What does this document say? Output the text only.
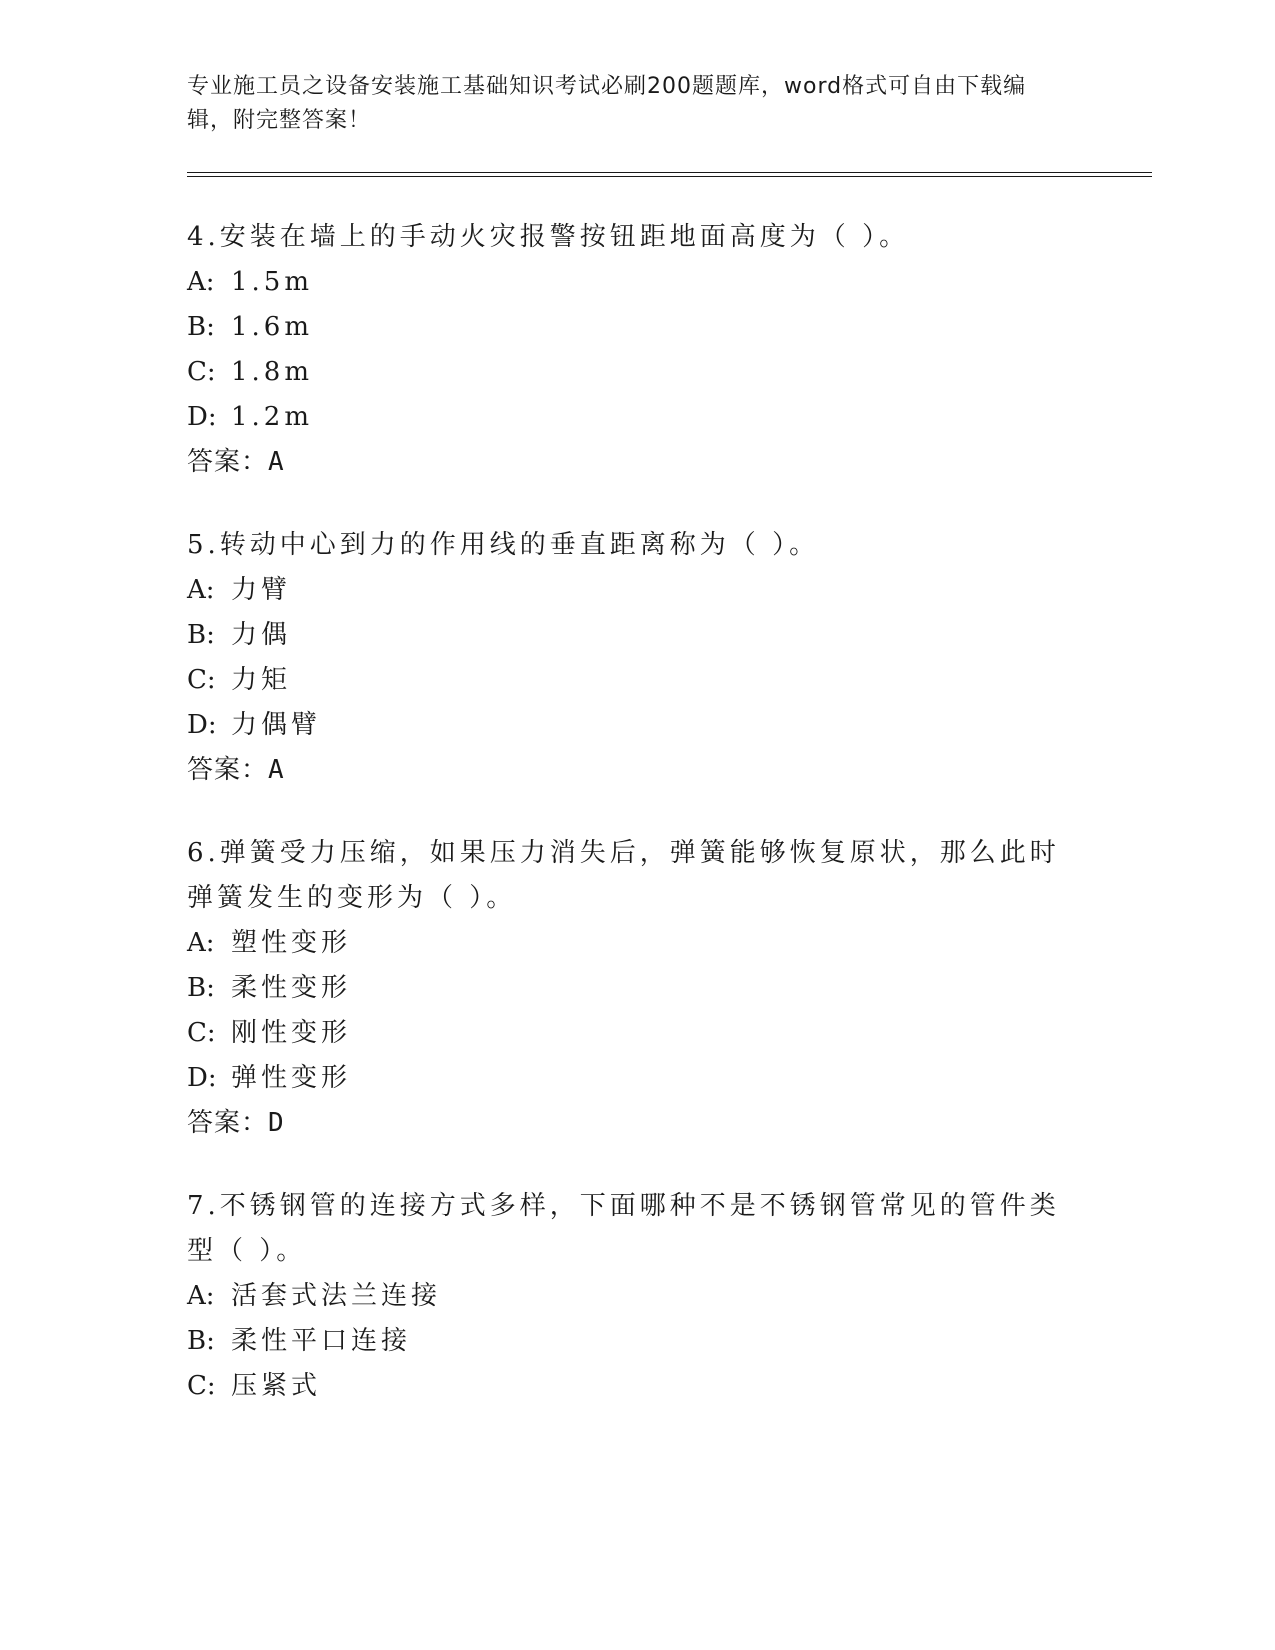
专业施工员之设备安装施工基础知识考试必刷200题题库，word格式可自由下载编辑，附完整答案！

4.安装在墙上的手动火灾报警按钮距地面高度为（ ）。

A: 1.5m
B: 1.6m
C: 1.8m
D: 1.2m
答案：A

5.转动中心到力的作用线的垂直距离称为（ ）。

A: 力臂
B: 力偶
C: 力矩
D: 力偶臂
答案：A

6.弹簧受力压缩，如果压力消失后，弹簧能够恢复原状，那么此时弹簧发生的变形为（ ）。

A: 塑性变形
B: 柔性变形
C: 刚性变形
D: 弹性变形
答案：D

7.不锈钢管的连接方式多样，下面哪种不是不锈钢管常见的管件类型（ ）。

A: 活套式法兰连接
B: 柔性平口连接
C: 压紧式
